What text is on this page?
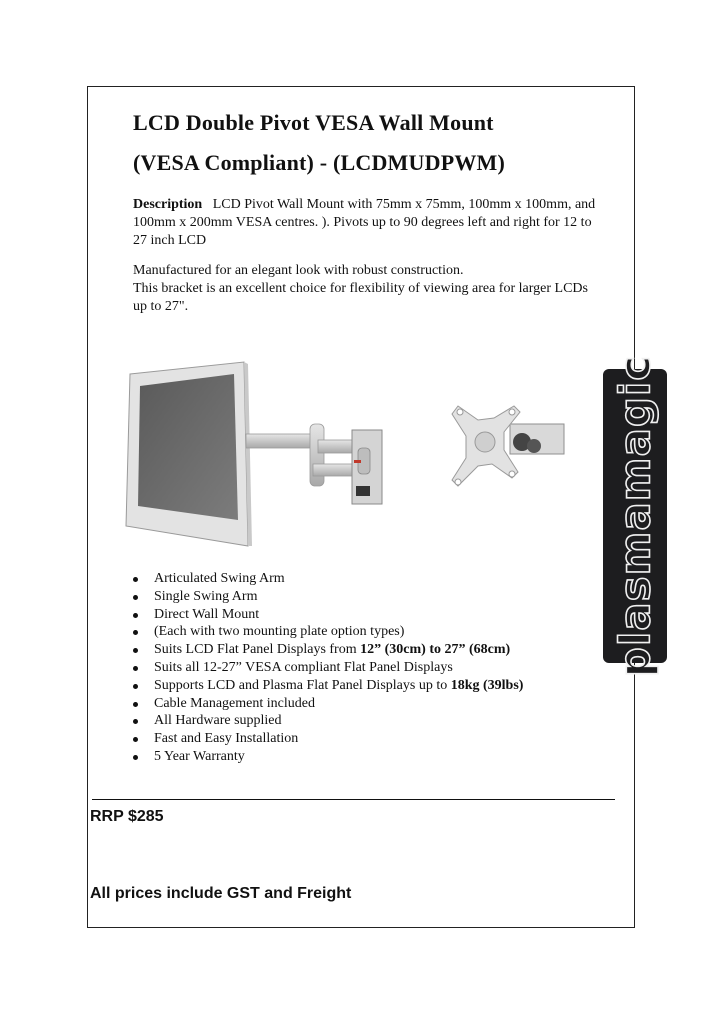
LCD Double Pivot VESA Wall Mount
(VESA Compliant) - (LCDMUDPWM)

Description LCD Pivot Wall Mount with 75mm x 75mm, 100mm x 100mm, and 100mm x 200mm VESA centres. ). Pivots up to 90 degrees left and right for 12 to 27 inch LCD

Manufactured for an elegant look with robust construction.
This bracket is an excellent choice for flexibility of viewing area for larger LCDs up to 27".

plasmamagic
Articulated Swing Arm
Single Swing Arm
Direct Wall Mount
(Each with two mounting plate option types)
Suits LCD Flat Panel Displays from 12” (30cm) to 27” (68cm)
Suits all 12-27” VESA compliant Flat Panel Displays
Supports LCD and Plasma Flat Panel Displays up to 18kg (39lbs)
Cable Management included
All Hardware supplied
Fast and Easy Installation
5 Year Warranty

RRP $285

All prices include GST and Freight
